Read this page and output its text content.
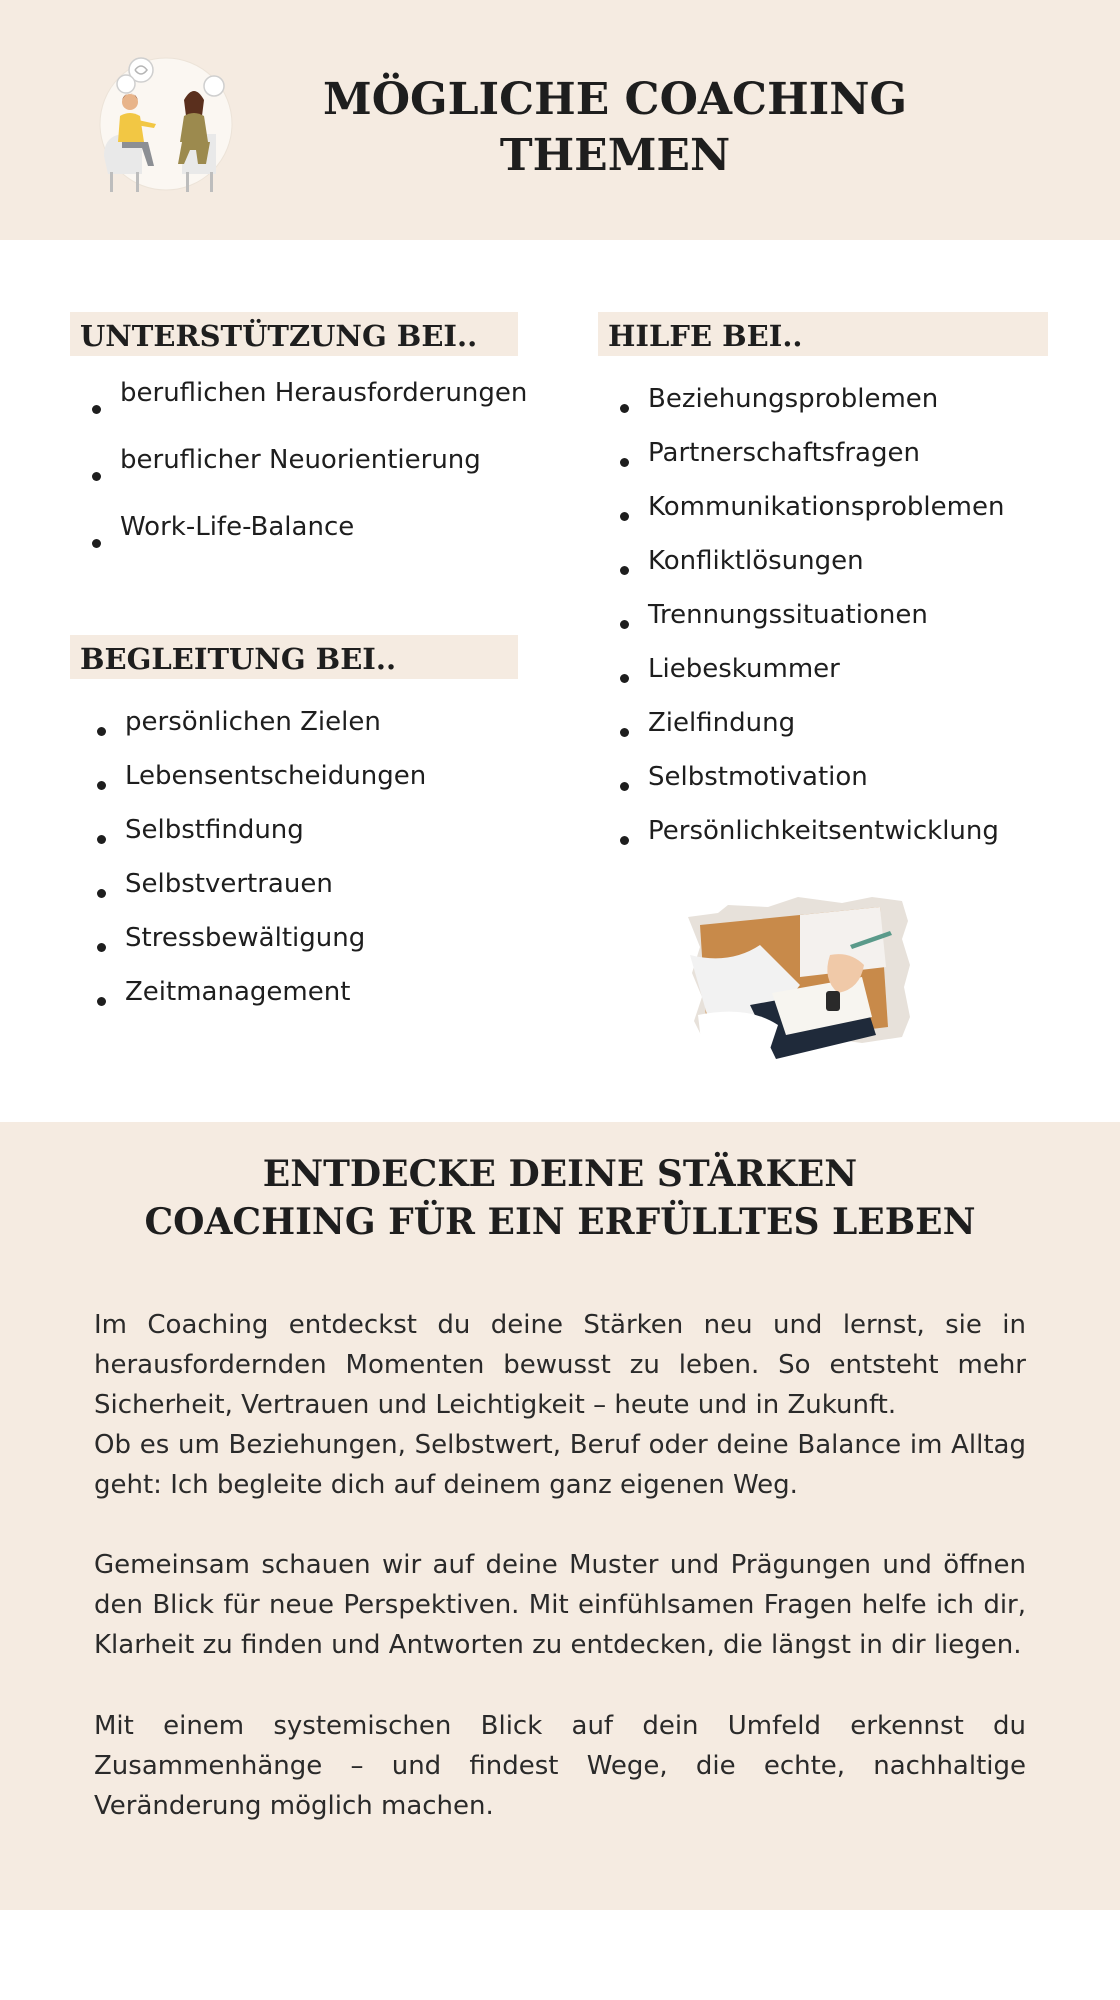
MÖGLICHE COACHING
THEMEN
UNTERSTÜTZUNG BEI..
beruflichen Herausforderungen
beruflicher Neuorientierung
Work-Life-Balance
BEGLEITUNG BEI..
persönlichen Zielen
Lebensentscheidungen
Selbstfindung
Selbstvertrauen
Stressbewältigung
Zeitmanagement
HILFE BEI..
Beziehungsproblemen
Partnerschaftsfragen
Kommunikationsproblemen
Konfliktlösungen
Trennungssituationen
Liebeskummer
Zielfindung
Selbstmotivation
Persönlichkeitsentwicklung
ENTDECKE DEINE STÄRKEN
COACHING FÜR EIN ERFÜLLTES LEBEN
Im Coaching entdeckst du deine Stärken neu und lernst, sie in herausfordernden Momenten bewusst zu leben. So entsteht mehr Sicherheit, Vertrauen und Leichtigkeit – heute und in Zukunft.
Ob es um Beziehungen, Selbstwert, Beruf oder deine Balance im Alltag geht: Ich begleite dich auf deinem ganz eigenen Weg.
Gemeinsam schauen wir auf deine Muster und Prägungen und öffnen den Blick für neue Perspektiven. Mit einfühlsamen Fragen helfe ich dir, Klarheit zu finden und Antworten zu entdecken, die längst in dir liegen.
Mit einem systemischen Blick auf dein Umfeld erkennst du Zusammenhänge – und findest Wege, die echte, nachhaltige Veränderung möglich machen.
